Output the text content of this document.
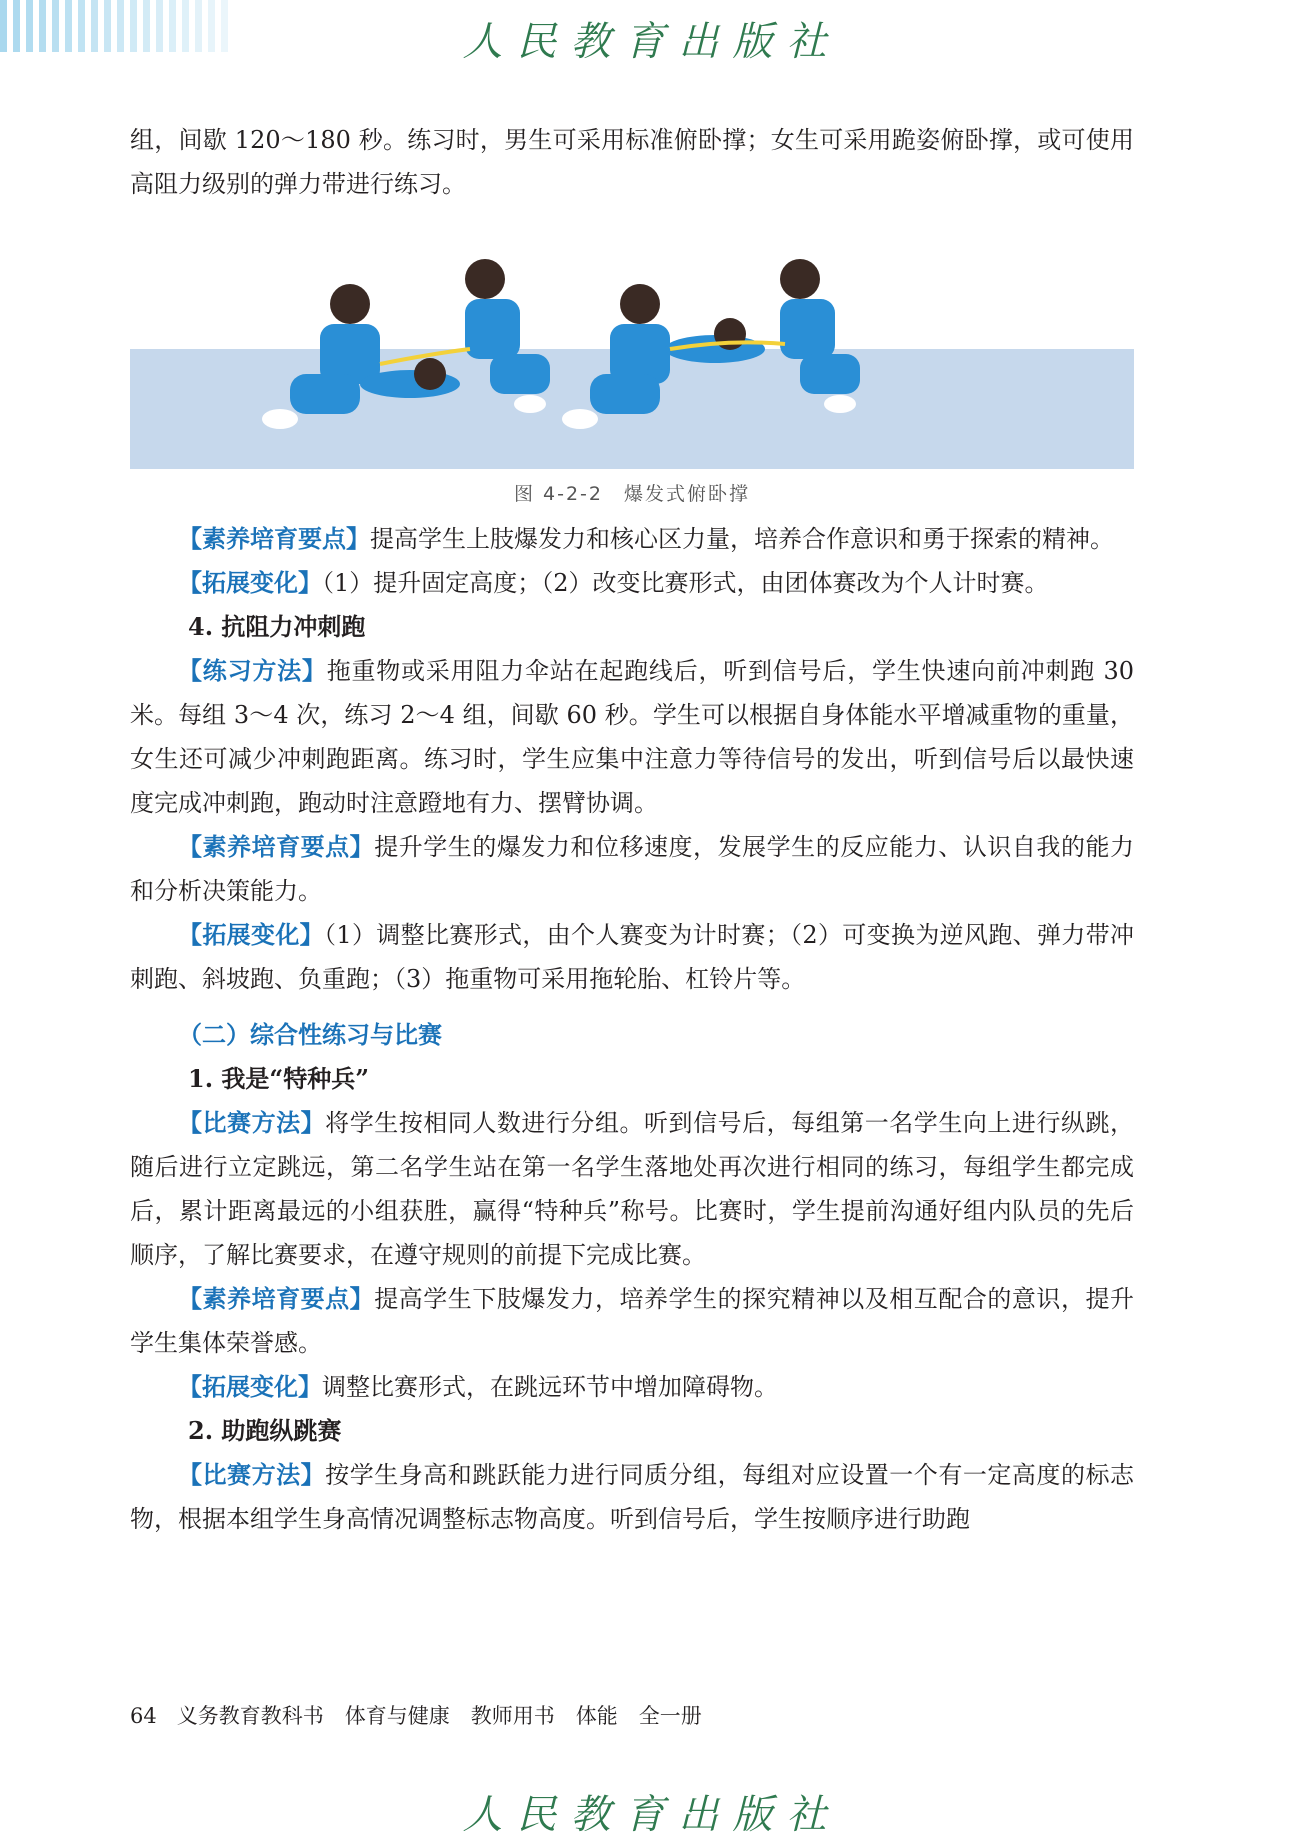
人民教育出版社

组，间歇 120～180 秒。练习时，男生可采用标准俯卧撑；女生可采用跪姿俯卧撑，或可使用高阻力级别的弹力带进行练习。

图 4-2-2　爆发式俯卧撑

【素养培育要点】提高学生上肢爆发力和核心区力量，培养合作意识和勇于探索的精神。

【拓展变化】（1）提升固定高度；（2）改变比赛形式，由团体赛改为个人计时赛。

4. 抗阻力冲刺跑

【练习方法】拖重物或采用阻力伞站在起跑线后，听到信号后，学生快速向前冲刺跑 30 米。每组 3～4 次，练习 2～4 组，间歇 60 秒。学生可以根据自身体能水平增减重物的重量，女生还可减少冲刺跑距离。练习时，学生应集中注意力等待信号的发出，听到信号后以最快速度完成冲刺跑，跑动时注意蹬地有力、摆臂协调。

【素养培育要点】提升学生的爆发力和位移速度，发展学生的反应能力、认识自我的能力和分析决策能力。

【拓展变化】（1）调整比赛形式，由个人赛变为计时赛；（2）可变换为逆风跑、弹力带冲刺跑、斜坡跑、负重跑；（3）拖重物可采用拖轮胎、杠铃片等。

（二）综合性练习与比赛

1. 我是“特种兵”

【比赛方法】将学生按相同人数进行分组。听到信号后，每组第一名学生向上进行纵跳，随后进行立定跳远，第二名学生站在第一名学生落地处再次进行相同的练习，每组学生都完成后，累计距离最远的小组获胜，赢得“特种兵”称号。比赛时，学生提前沟通好组内队员的先后顺序，了解比赛要求，在遵守规则的前提下完成比赛。

【素养培育要点】提高学生下肢爆发力，培养学生的探究精神以及相互配合的意识，提升学生集体荣誉感。

【拓展变化】调整比赛形式，在跳远环节中增加障碍物。

2. 助跑纵跳赛

【比赛方法】按学生身高和跳跃能力进行同质分组，每组对应设置一个有一定高度的标志物，根据本组学生身高情况调整标志物高度。听到信号后，学生按顺序进行助跑

64 义务教育教科书　体育与健康　教师用书　体能　全一册
人民教育出版社
